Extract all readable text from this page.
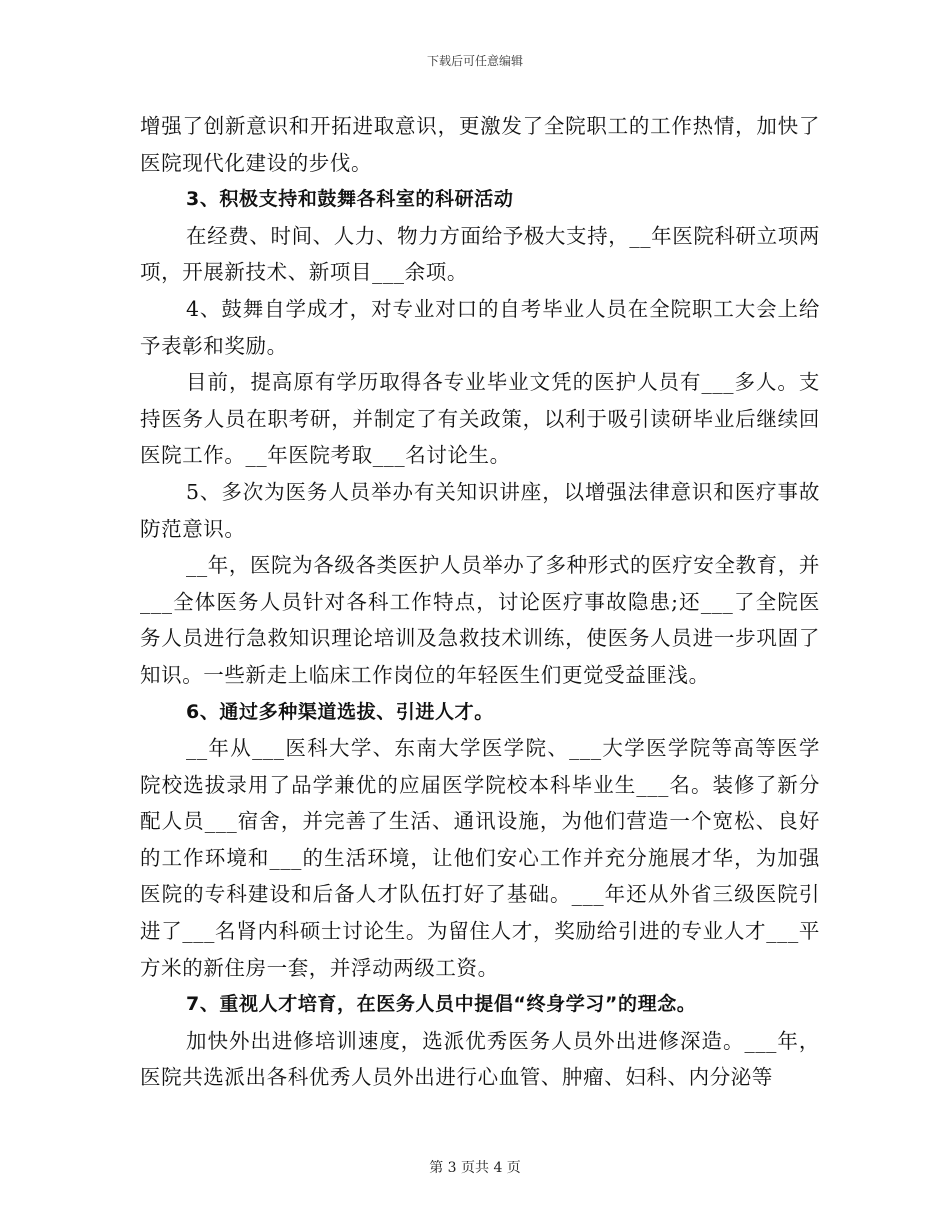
下载后可任意编辑

增强了创新意识和开拓进取意识，更激发了全院职工的工作热情，加快了医院现代化建设的步伐。

3、积极支持和鼓舞各科室的科研活动

在经费、时间、人力、物力方面给予极大支持，__年医院科研立项两项，开展新技术、新项目___余项。

4、鼓舞自学成才，对专业对口的自考毕业人员在全院职工大会上给予表彰和奖励。

目前，提高原有学历取得各专业毕业文凭的医护人员有___多人。支持医务人员在职考研，并制定了有关政策，以利于吸引读研毕业后继续回医院工作。__年医院考取___名讨论生。

5、多次为医务人员举办有关知识讲座，以增强法律意识和医疗事故防范意识。

__年，医院为各级各类医护人员举办了多种形式的医疗安全教育，并___全体医务人员针对各科工作特点，讨论医疗事故隐患;还___了全院医务人员进行急救知识理论培训及急救技术训练，使医务人员进一步巩固了知识。一些新走上临床工作岗位的年轻医生们更觉受益匪浅。

6、通过多种渠道选拔、引进人才。

__年从___医科大学、东南大学医学院、___大学医学院等高等医学院校选拔录用了品学兼优的应届医学院校本科毕业生___名。装修了新分配人员___宿舍，并完善了生活、通讯设施，为他们营造一个宽松、良好的工作环境和___的生活环境，让他们安心工作并充分施展才华，为加强医院的专科建设和后备人才队伍打好了基础。___年还从外省三级医院引进了___名肾内科硕士讨论生。为留住人才，奖励给引进的专业人才___平方米的新住房一套，并浮动两级工资。

7、重视人才培育，在医务人员中提倡“终身学习”的理念。

加快外出进修培训速度，选派优秀医务人员外出进修深造。___年，医院共选派出各科优秀人员外出进行心血管、肿瘤、妇科、内分泌等

第 3 页共 4 页
